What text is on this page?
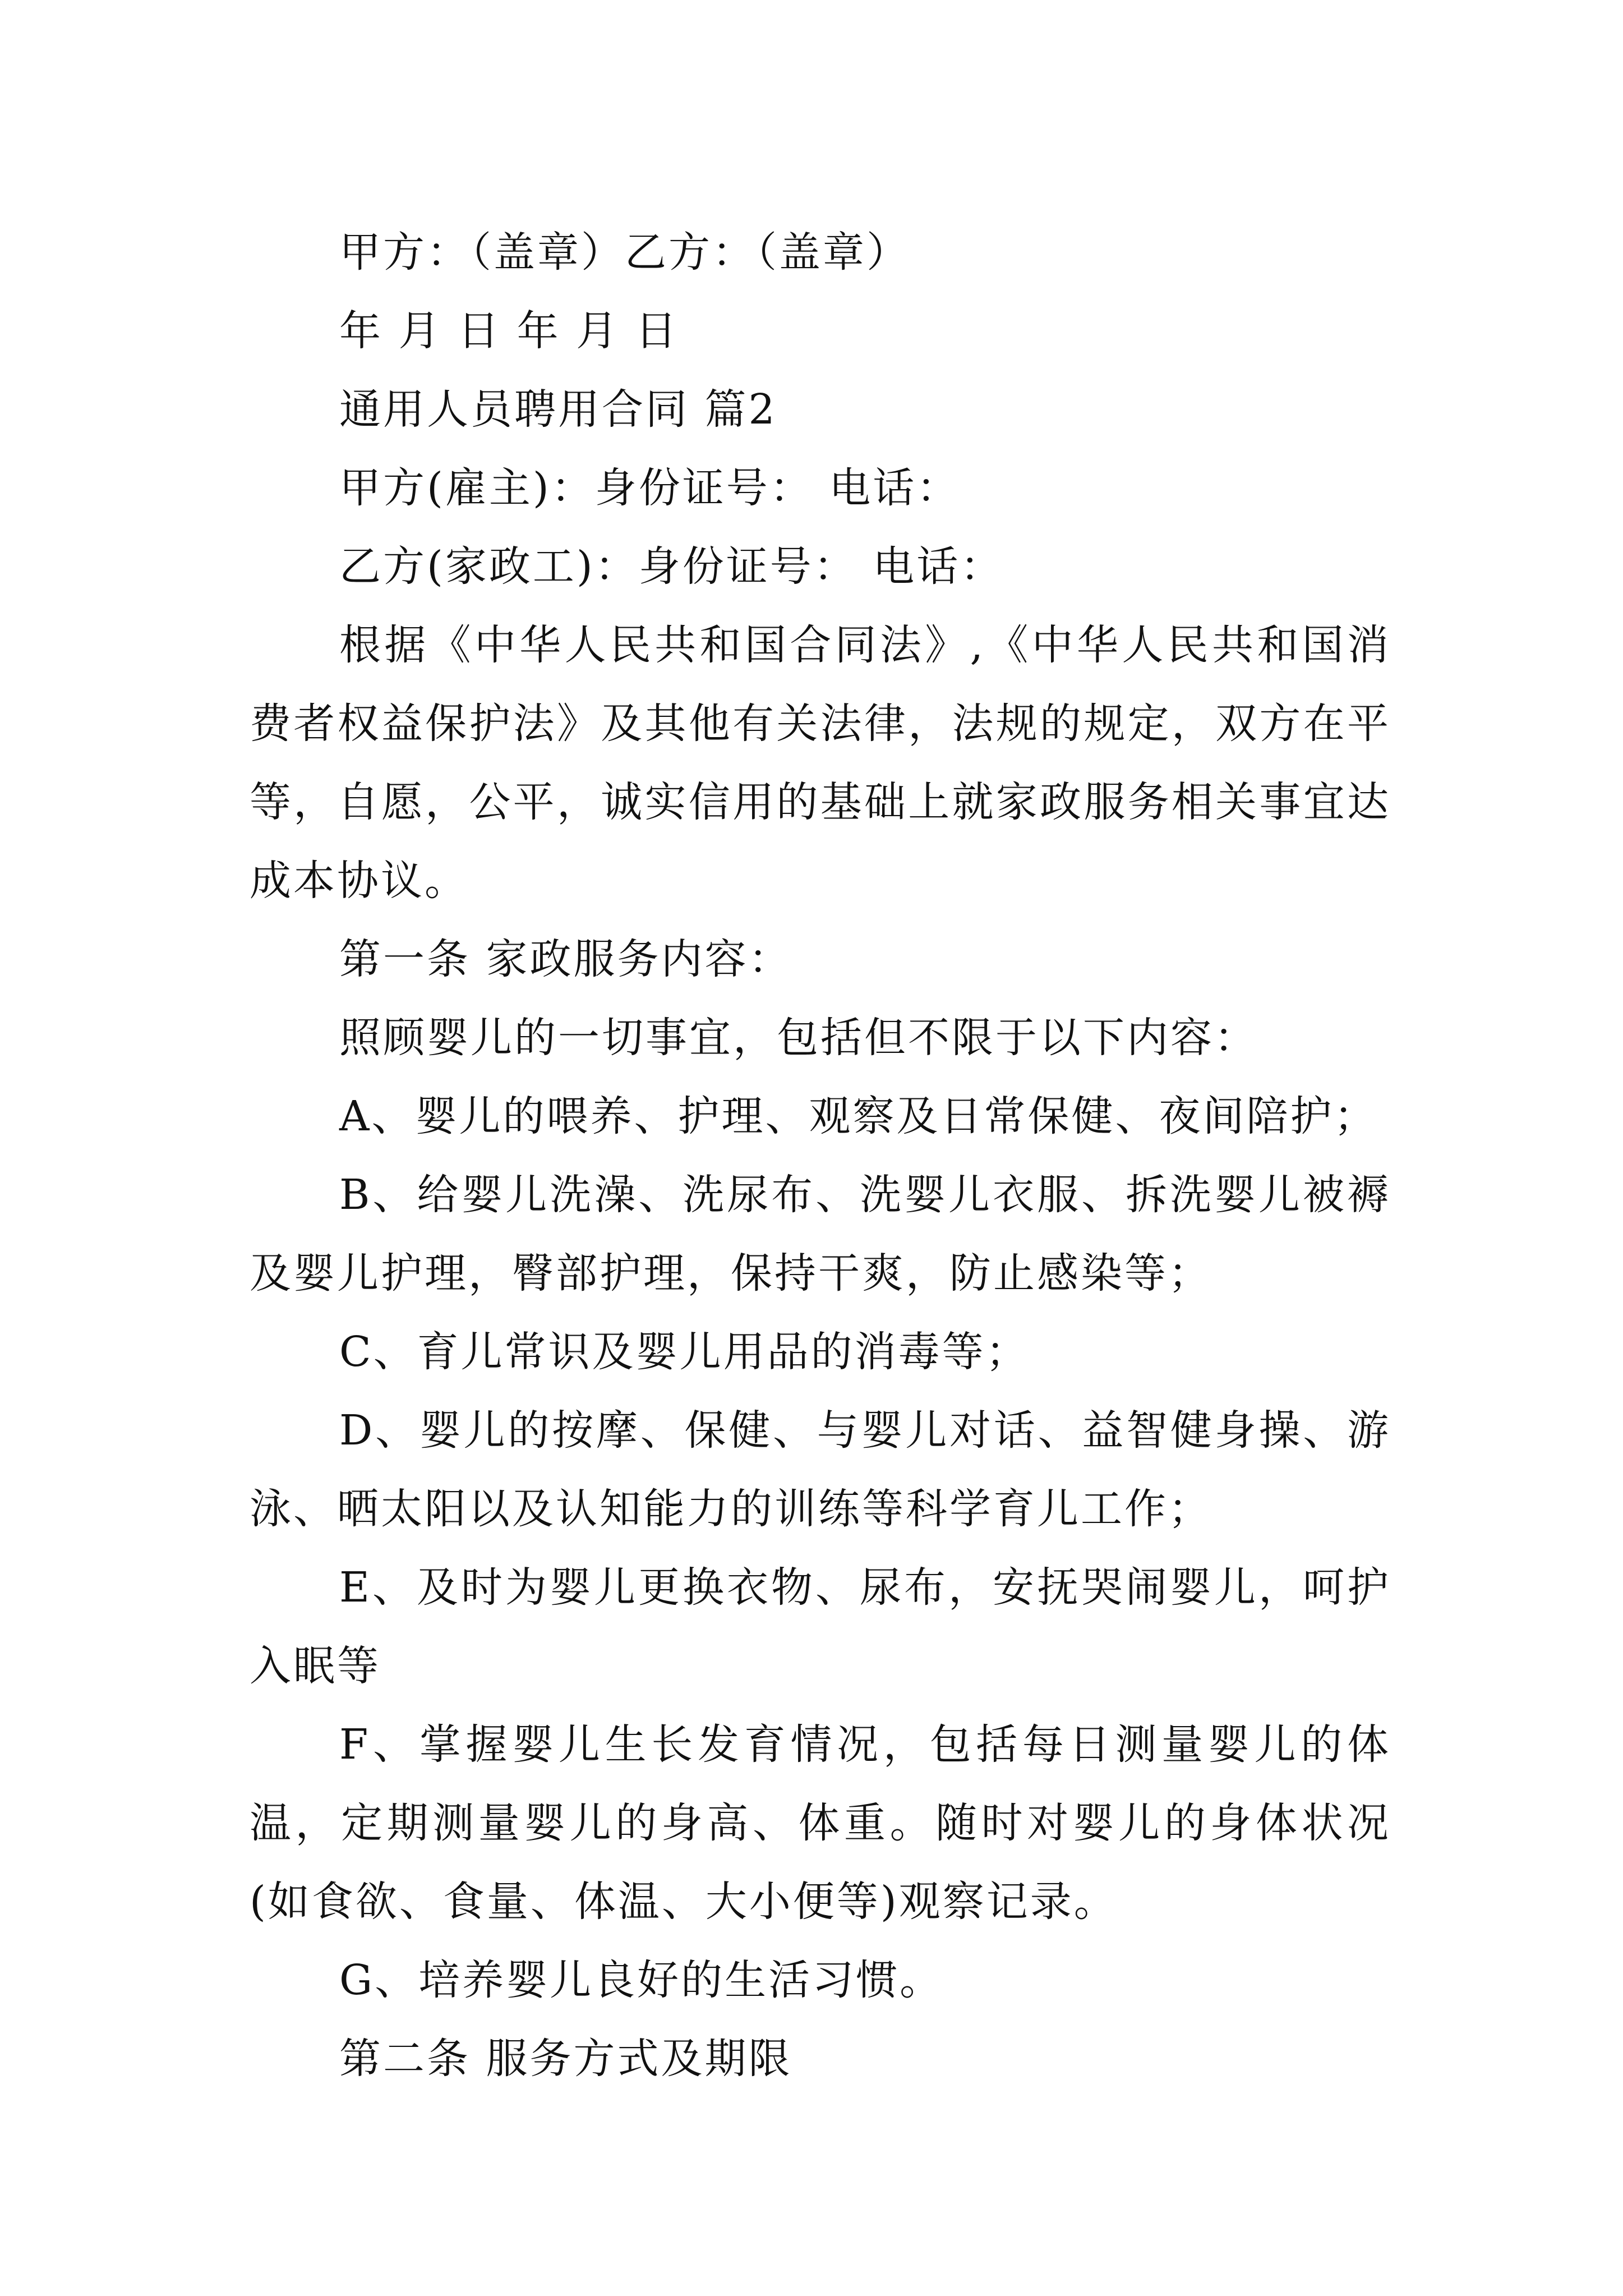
甲方：（盖章）乙方：（盖章）

年 月 日 年 月 日

通用人员聘用合同 篇2

甲方(雇主)：身份证号： 电话：

乙方(家政工)：身份证号： 电话：

根据《中华人民共和国合同法》,《中华人民共和国消费者权益保护法》及其他有关法律，法规的规定，双方在平等，自愿，公平，诚实信用的基础上就家政服务相关事宜达成本协议。

第一条 家政服务内容：

照顾婴儿的一切事宜，包括但不限于以下内容：

A、婴儿的喂养、护理、观察及日常保健、夜间陪护；

B、给婴儿洗澡、洗尿布、洗婴儿衣服、拆洗婴儿被褥及婴儿护理，臀部护理，保持干爽，防止感染等；

C、育儿常识及婴儿用品的消毒等；

D、婴儿的按摩、保健、与婴儿对话、益智健身操、游泳、晒太阳以及认知能力的训练等科学育儿工作；

E、及时为婴儿更换衣物、尿布，安抚哭闹婴儿，呵护入眠等

F、掌握婴儿生长发育情况，包括每日测量婴儿的体温，定期测量婴儿的身高、体重。随时对婴儿的身体状况(如食欲、食量、体温、大小便等)观察记录。

G、培养婴儿良好的生活习惯。

第二条 服务方式及期限
